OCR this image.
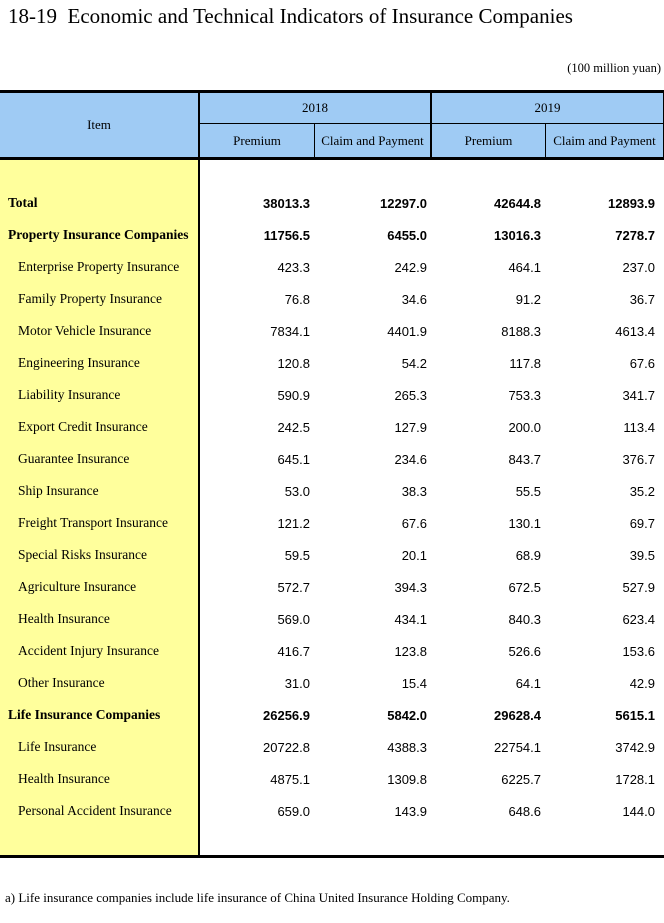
18-19  Economic and Technical Indicators of Insurance Companies
(100 million yuan)
Item
2018	2019
Premium	Claim and Payment	Premium	Claim and Payment
Total	38013.3	12297.0	42644.8	12893.9
Property Insurance Companies	11756.5	6455.0	13016.3	7278.7
Enterprise Property Insurance	423.3	242.9	464.1	237.0
Family Property Insurance	76.8	34.6	91.2	36.7
Motor Vehicle Insurance	7834.1	4401.9	8188.3	4613.4
Engineering Insurance	120.8	54.2	117.8	67.6
Liability Insurance	590.9	265.3	753.3	341.7
Export Credit Insurance	242.5	127.9	200.0	113.4
Guarantee Insurance	645.1	234.6	843.7	376.7
Ship Insurance	53.0	38.3	55.5	35.2
Freight Transport Insurance	121.2	67.6	130.1	69.7
Special Risks Insurance	59.5	20.1	68.9	39.5
Agriculture Insurance	572.7	394.3	672.5	527.9
Health Insurance	569.0	434.1	840.3	623.4
Accident Injury Insurance	416.7	123.8	526.6	153.6
Other Insurance	31.0	15.4	64.1	42.9
Life Insurance Companies	26256.9	5842.0	29628.4	5615.1
Life Insurance	20722.8	4388.3	22754.1	3742.9
Health Insurance	4875.1	1309.8	6225.7	1728.1
Personal Accident Insurance	659.0	143.9	648.6	144.0
a) Life insurance companies include life insurance of China United Insurance Holding Company.
